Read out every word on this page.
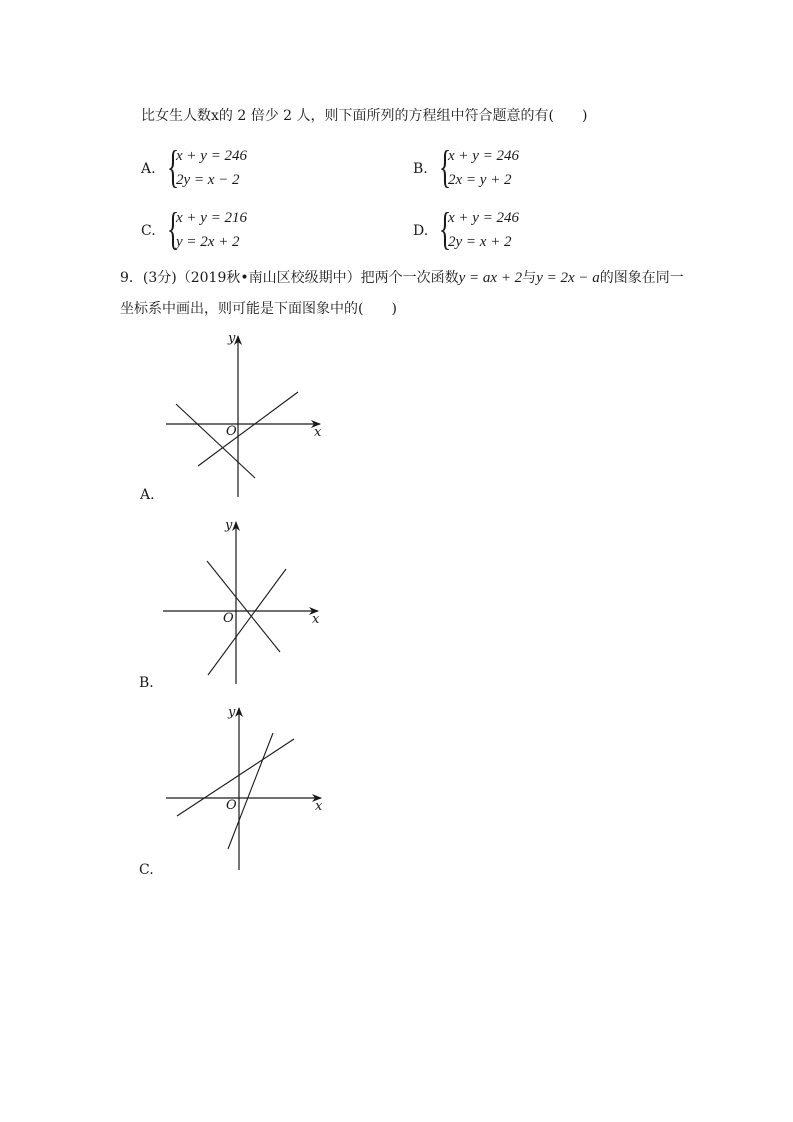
比女生人数x的 2 倍少 2 人，则下面所列的方程组中符合题意的有(　　)
A. {
x + y = 246
2y = x − 2
B. {
x + y = 246
2x = y + 2
C. {
x + y = 216
y = 2x + 2
D. {
x + y = 246
2y = x + 2
9．(3分)（2019秋•南山区校级期中）把两个一次函数y = ax + 2与y = 2x − a的图象在同一
坐标系中画出，则可能是下面图象中的(　　)
y
x
O
A.
y
x
O
B.
y
x
O
C.
